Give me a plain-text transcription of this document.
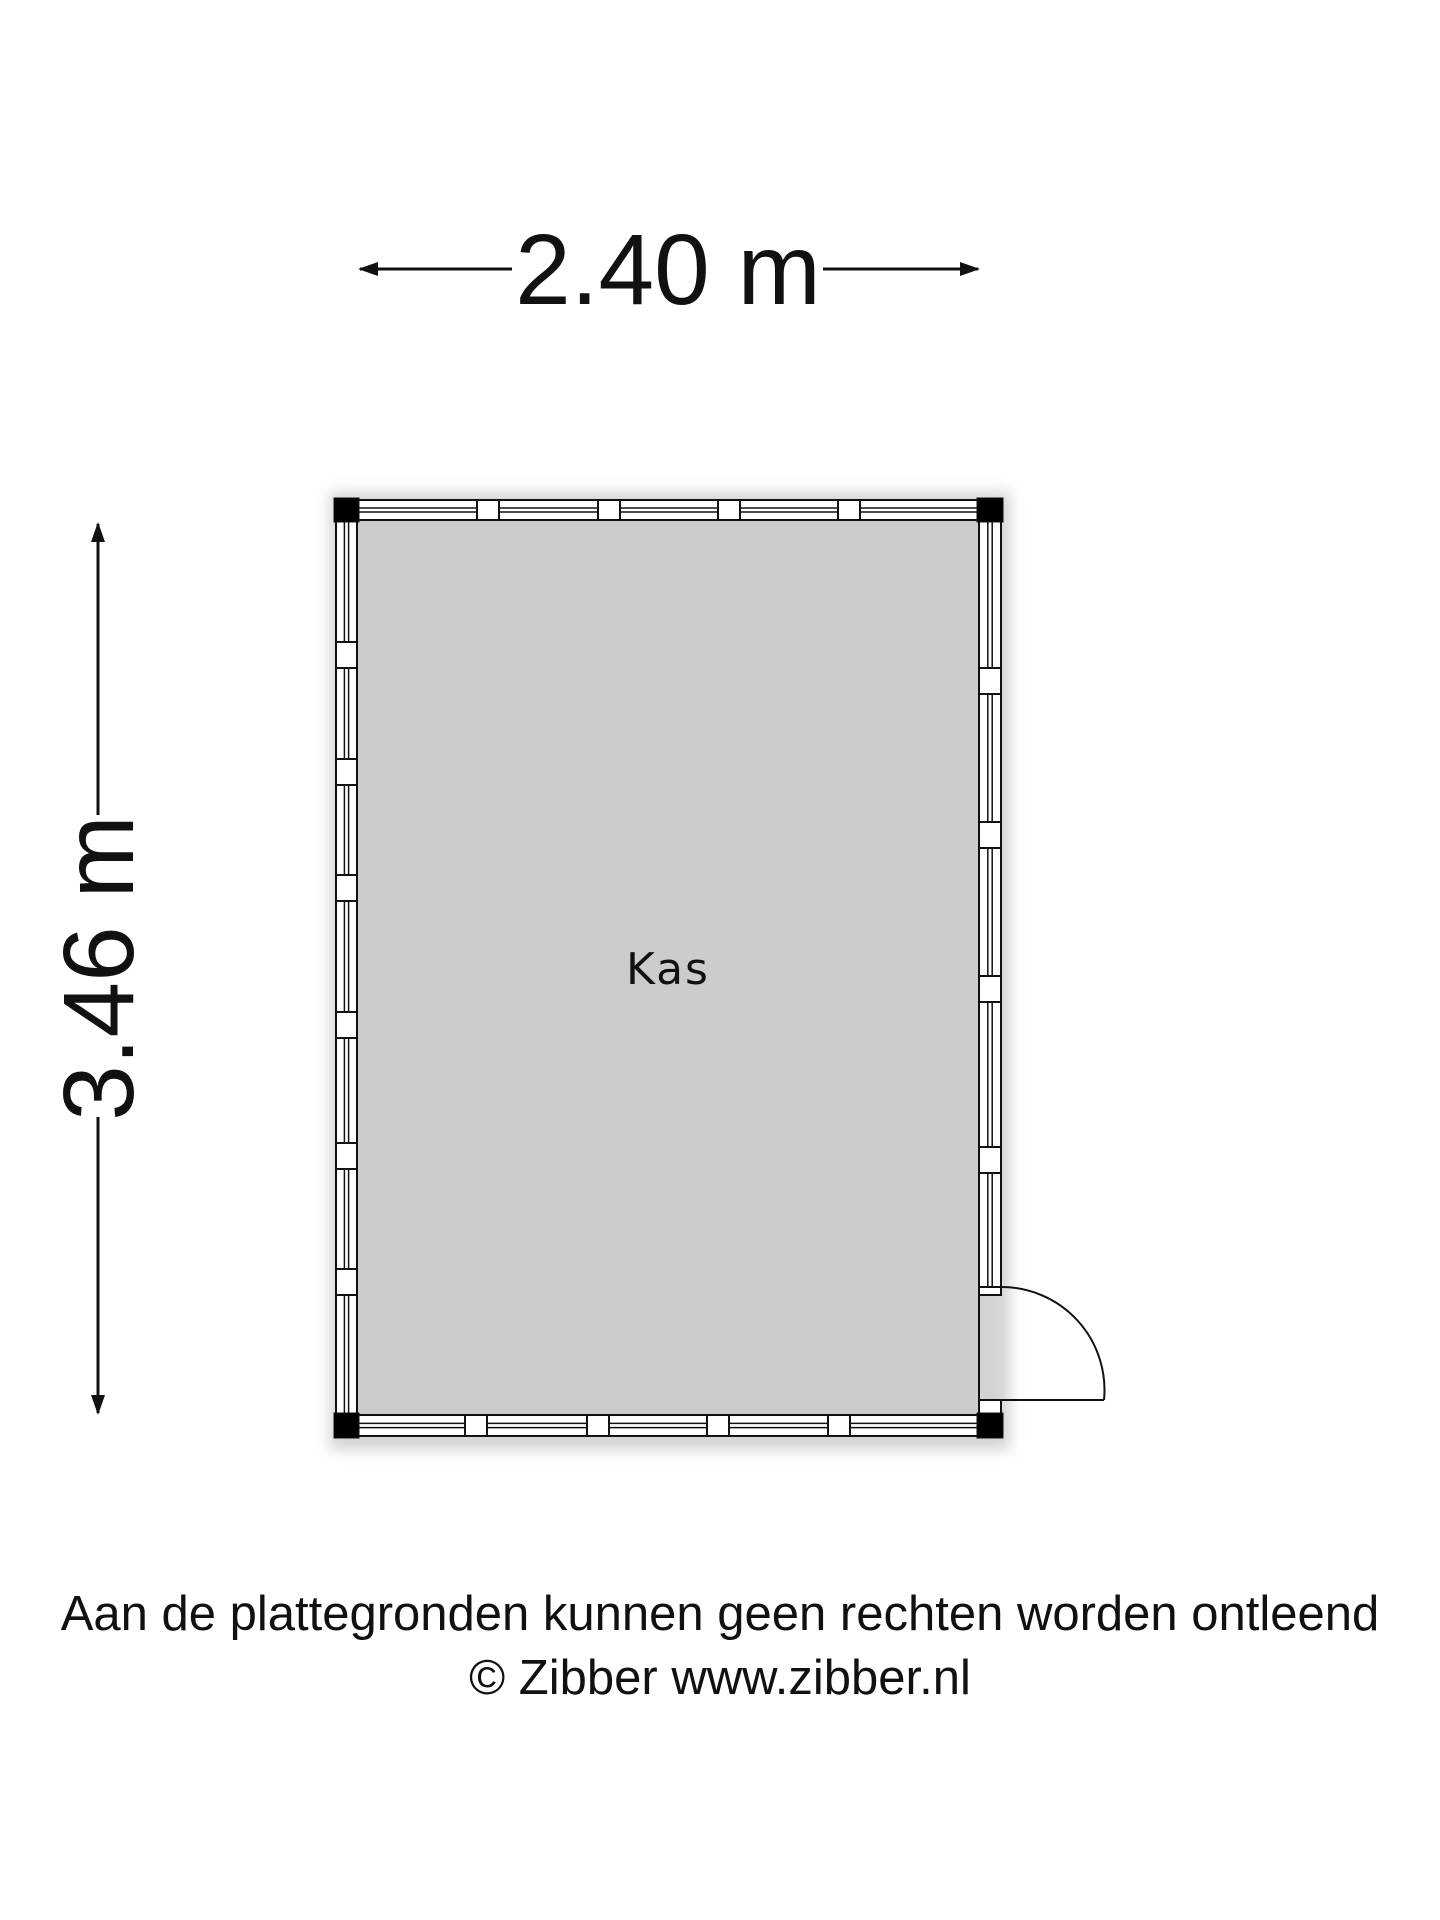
2.40 m
3.46 m	Kas
Aan de plattegronden kunnen geen rechten worden ontleend
© Zibber www.zibber.nl
